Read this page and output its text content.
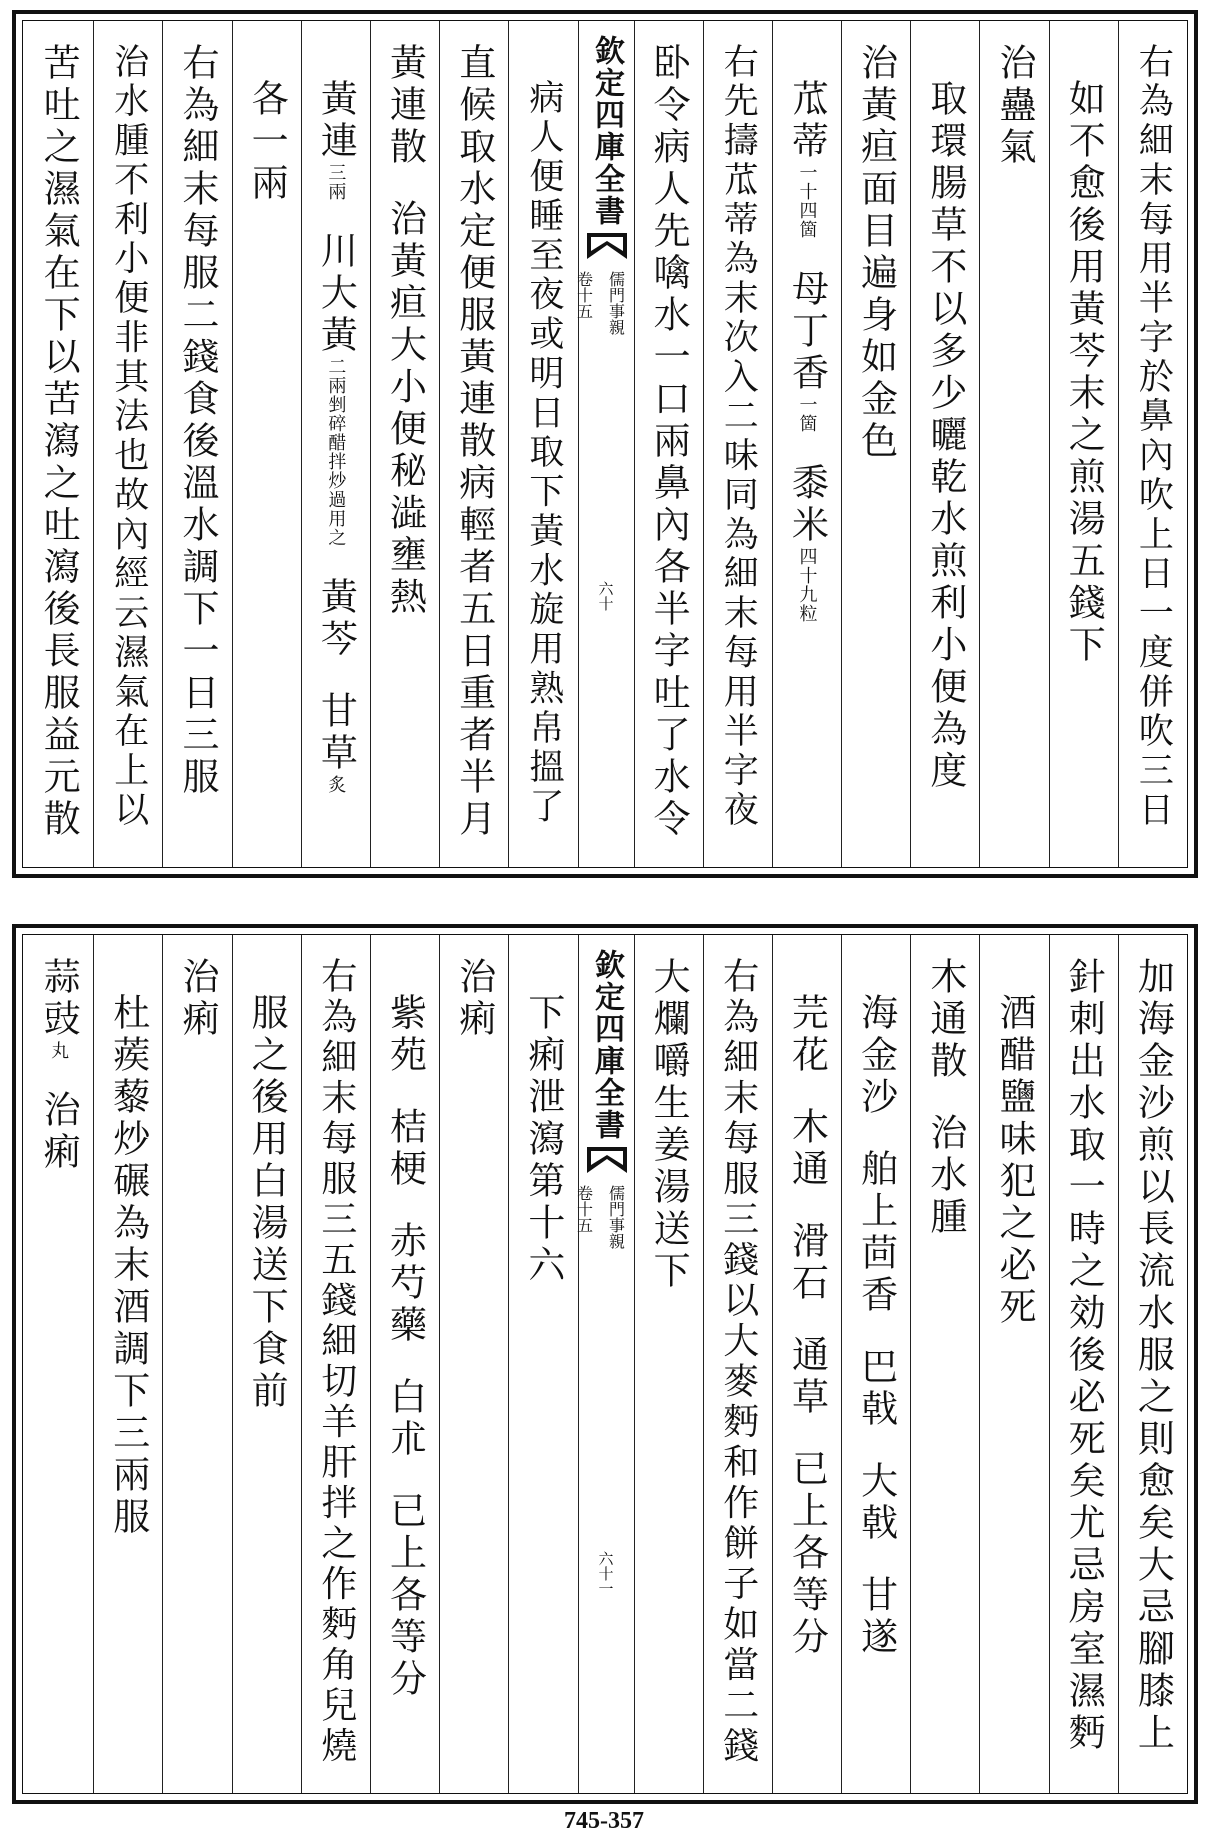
右為細末每用半字於鼻內吹上日一度併吹三日
如不愈後用黃芩末之煎湯五錢下
治蠱氣
取環腸草不以多少曬乾水煎利小便為度
治黃疸面目遍身如金色
苽蒂一十四箇母丁香一箇黍米四十九粒
右先擣苽蒂為末次入二味同為細末每用半字夜
卧令病人先噙水一口兩鼻內各半字吐了水令
欽定四庫全書
儒門事親
卷十五
六十
病人便睡至夜或明日取下黃水旋用熟帛搵了
直候取水定便服黃連散病輕者五日重者半月
黃連散治黃疸大小便秘澁壅熱
黃連三兩川大黃二兩剉碎醋拌炒過用之黃芩甘草炙
各一兩
右為細末每服二錢食後溫水調下一日三服
治水腫不利小便非其法也故內經云濕氣在上以
苦吐之濕氣在下以苦瀉之吐瀉後長服益元散
加海金沙煎以長流水服之則愈矣大忌腳膝上
針刺出水取一時之効後必死矣尤忌房室濕麪
酒醋鹽味犯之必死
木通散治水腫
海金沙舶上茴香巴戟大戟甘遂
芫花木通滑石通草已上各等分
右為細末每服三錢以大麥麪和作餅子如當二錢
大爛嚼生姜湯送下
欽定四庫全書
儒門事親
卷十五
六十一
下痢泄瀉第十六
治痢
紫苑桔梗赤芍藥白朮已上各等分
右為細末每服三五錢細切羊肝拌之作麪角兒燒
服之後用白湯送下食前
治痢
杜蒺藜炒碾為末酒調下三兩服
蒜豉丸治痢
745-357
